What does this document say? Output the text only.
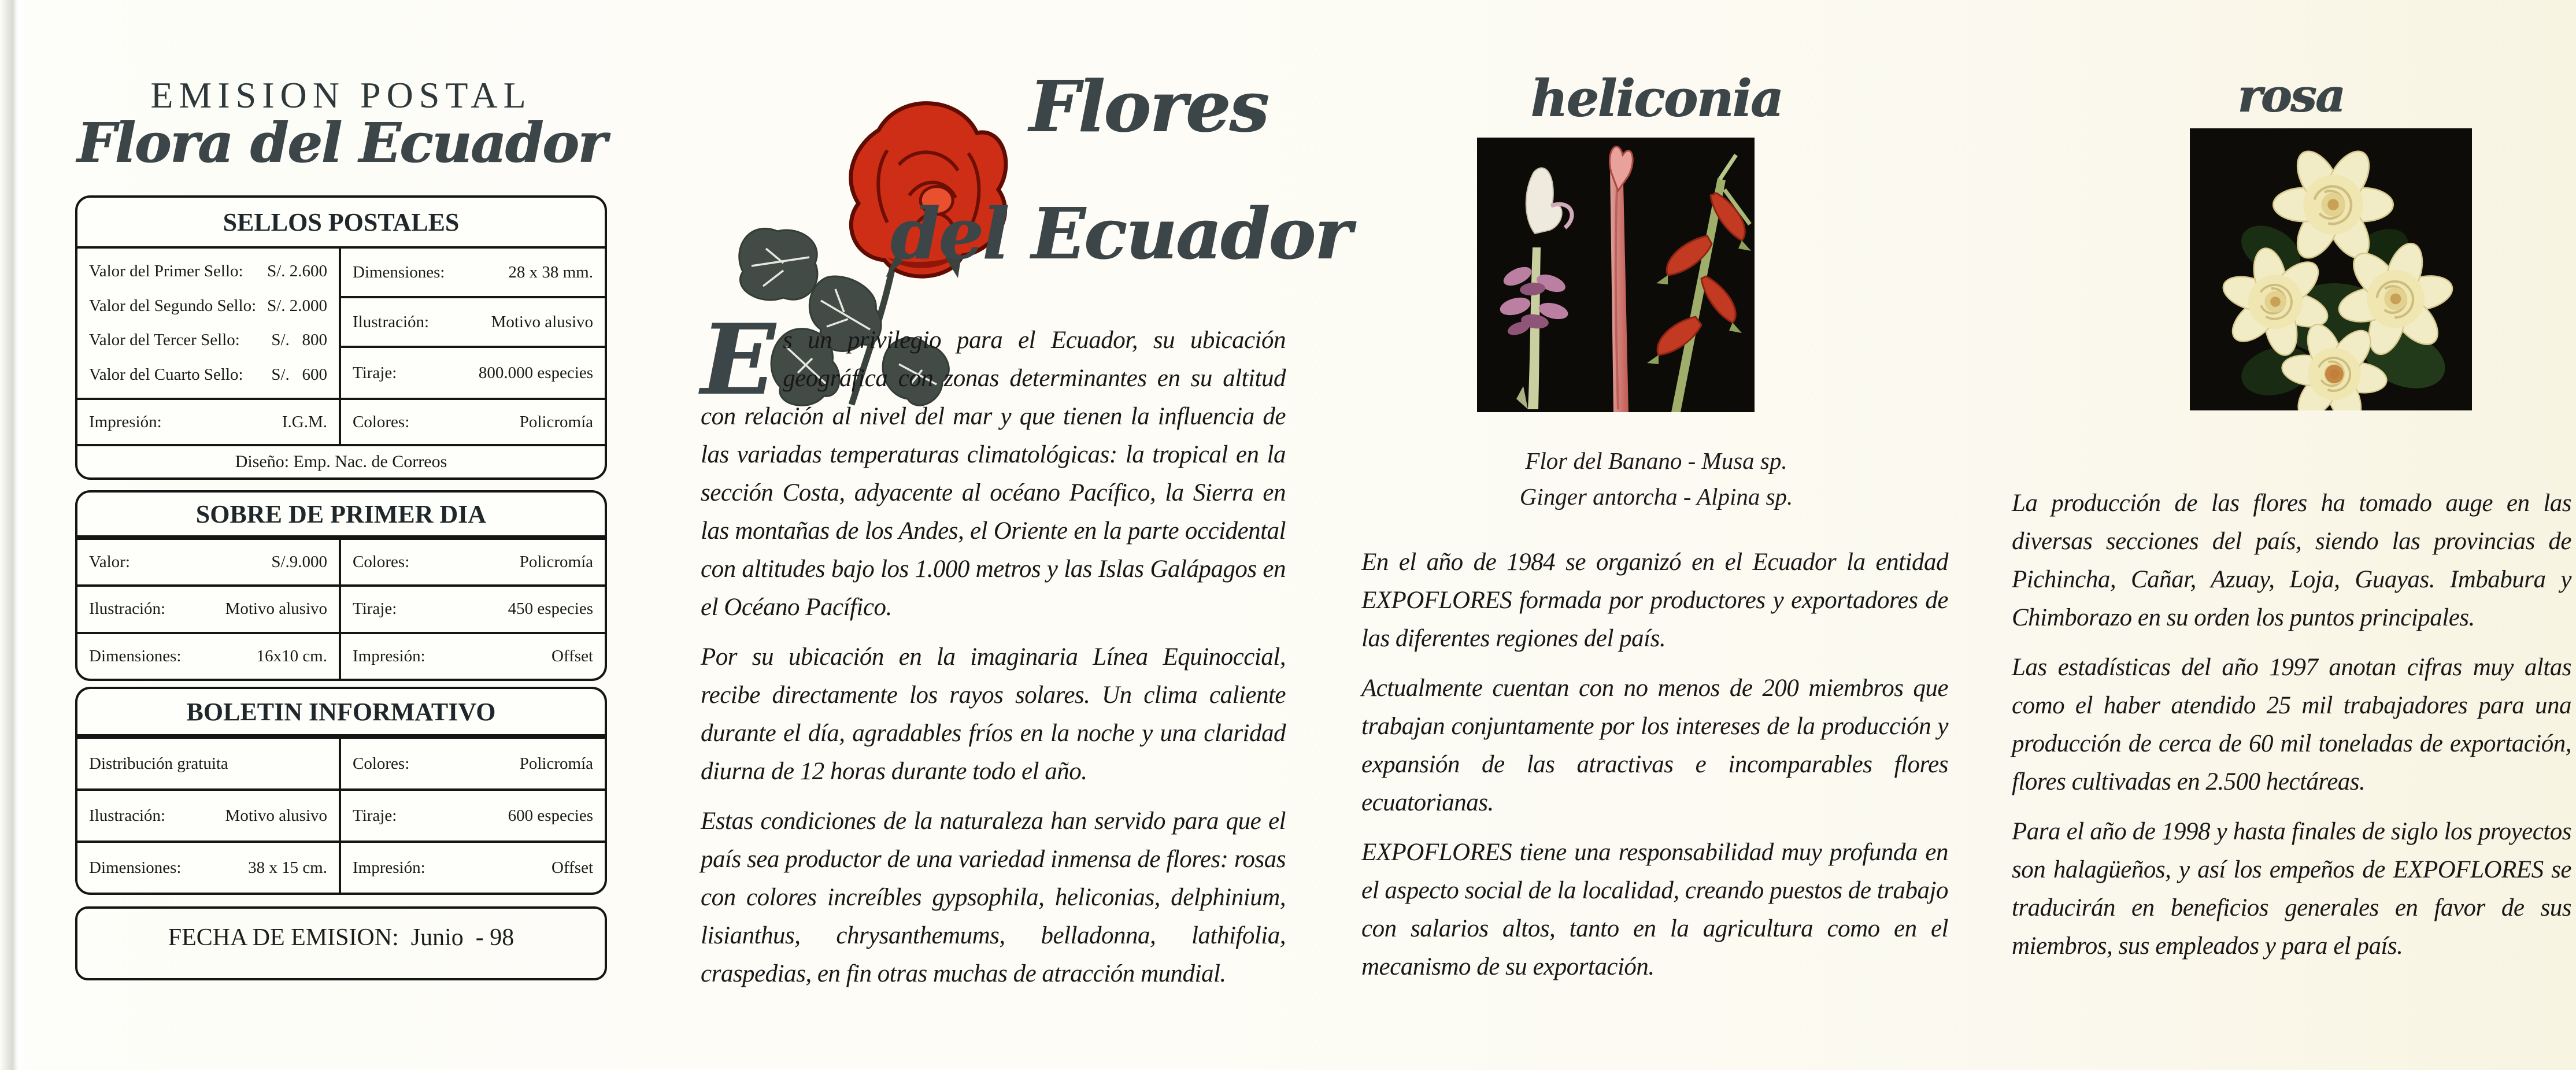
EMISION POSTAL
Flora del Ecuador
SELLOS POSTALES
Valor del Primer Sello: S/. 2.600
Valor del Segundo Sello: S/. 2.000
Valor del Tercer Sello: S/.   800
Valor del Cuarto Sello: S/.   600
Dimensiones:	28 x 38 mm.
Ilustración:	Motivo alusivo
Tiraje:	800.000 especies
Impresión:	I.G.M. Colores:	Policromía
Diseño: Emp. Nac. de Correos
SOBRE DE PRIMER DIA
Valor:	S/.9.000 Colores:	Policromía
Ilustración:	Motivo alusivo Tiraje:	450 especies
Dimensiones:	16x10 cm. Impresión:	Offset
BOLETIN INFORMATIVO
Distribución gratuita	Colores:	Policromía
Ilustración:	Motivo alusivo Tiraje:	600 especies
Dimensiones:	38 x 15 cm. Impresión:	Offset
FECHA DE EMISION:  Junio  - 98
Flores
del Ecuador

Es un privilegio para el Ecuador, su ubicación geográfica con zonas determinantes en su altitud con relación al nivel del mar y que tienen la influencia de las variadas temperaturas climatológicas: la tropical en la sección Costa, adyacente al océano Pacífico, la Sierra en las montañas de los Andes, el Oriente en la parte occidental con altitudes bajo los 1.000 metros y las Islas Galápagos en el Océano Pacífico.

Por su ubicación en la imaginaria Línea Equinoccial, recibe directamente los rayos solares. Un clima caliente durante el día, agradables fríos en la noche y una claridad diurna de 12 horas durante todo el año.

Estas condiciones de la naturaleza han servido para que el país sea productor de una variedad inmensa de flores: rosas con colores increíbles gypsophila, heliconias, delphinium, lisianthus, chrysanthemums, belladonna, lathifolia, craspedias, en fin otras muchas de atracción mundial.

heliconia
Flor del Banano - Musa sp.
Ginger antorcha - Alpina sp.

En el año de 1984 se organizó en el Ecuador la entidad EXPOFLORES formada por productores y exportadores de las diferentes regiones del país.

Actualmente cuentan con no menos de 200 miembros que trabajan conjuntamente por los intereses de la producción y expansión de las atractivas e incomparables flores ecuatorianas.

EXPOFLORES tiene una responsabilidad muy profunda en el aspecto social de la localidad, creando puestos de trabajo con salarios altos, tanto en la agricultura como en el mecanismo de su exportación.

rosa

La producción de las flores ha tomado auge en las diversas secciones del país, siendo las provincias de Pichincha, Cañar, Azuay, Loja, Guayas. Imbabura y Chimborazo en su orden los puntos principales.

Las estadísticas del año 1997 anotan cifras muy altas como el haber atendido 25 mil trabajadores para una producción de cerca de 60 mil toneladas de exportación, flores cultivadas en 2.500 hectáreas.

Para el año de 1998 y hasta finales de siglo los proyectos son halagüeños, y así los empeños de EXPOFLORES se traducirán en beneficios generales en favor de sus miembros, sus empleados y para el país.
